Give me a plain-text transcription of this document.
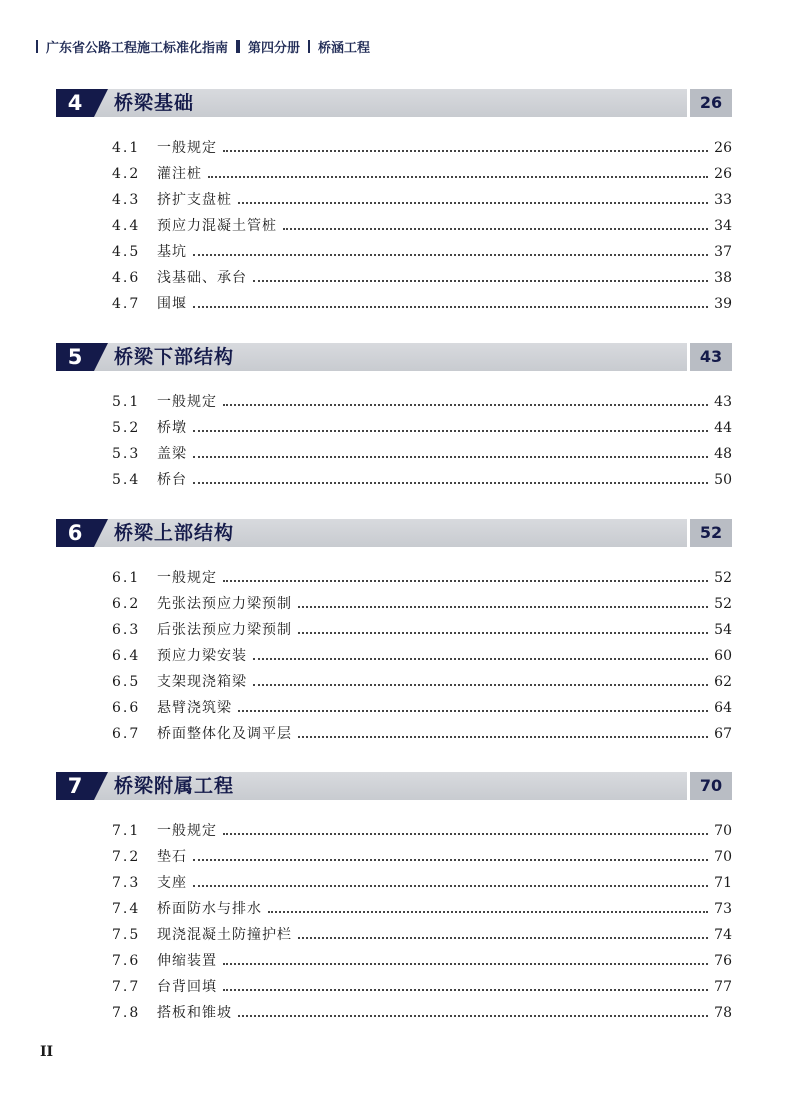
广东省公路工程施工标准化指南 第四分册 桥涵工程
4	桥梁基础	26
4.1	一般规定	26
4.2	灌注桩	26
4.3	挤扩支盘桩	33
4.4	预应力混凝土管桩	34
4.5	基坑	37
4.6	浅基础、承台	38
4.7	围堰	39
5	桥梁下部结构	43
5.1	一般规定	43
5.2	桥墩	44
5.3	盖梁	48
5.4	桥台	50
6	桥梁上部结构	52
6.1	一般规定	52
6.2	先张法预应力梁预制	52
6.3	后张法预应力梁预制	54
6.4	预应力梁安装	60
6.5	支架现浇箱梁	62
6.6	悬臂浇筑梁	64
6.7	桥面整体化及调平层	67
7	桥梁附属工程	70
7.1	一般规定	70
7.2	垫石	70
7.3	支座	71
7.4	桥面防水与排水	73
7.5	现浇混凝土防撞护栏	74
7.6	伸缩装置	76
7.7	台背回填	77
7.8	搭板和锥坡	78
II
